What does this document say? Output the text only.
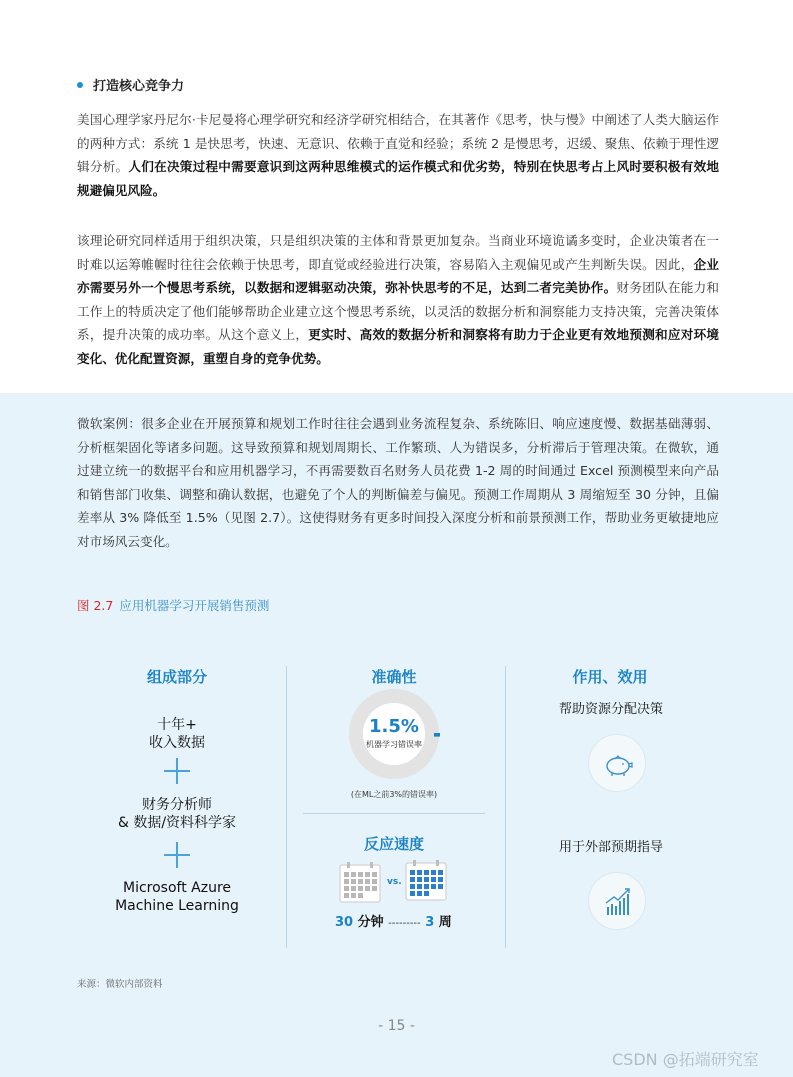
打造核心竞争力

美国心理学家丹尼尔·卡尼曼将心理学研究和经济学研究相结合，在其著作《思考，快与慢》中阐述了人类大脑运作的两种方式：系统 1 是快思考，快速、无意识、依赖于直觉和经验；系统 2 是慢思考，迟缓、聚焦、依赖于理性逻辑分析。人们在决策过程中需要意识到这两种思维模式的运作模式和优劣势，特别在快思考占上风时要积极有效地规避偏见风险。

该理论研究同样适用于组织决策，只是组织决策的主体和背景更加复杂。当商业环境诡谲多变时，企业决策者在一时难以运筹帷幄时往往会依赖于快思考，即直觉或经验进行决策，容易陷入主观偏见或产生判断失误。因此，企业亦需要另外一个慢思考系统，以数据和逻辑驱动决策，弥补快思考的不足，达到二者完美协作。财务团队在能力和工作上的特质决定了他们能够帮助企业建立这个慢思考系统，以灵活的数据分析和洞察能力支持决策，完善决策体系，提升决策的成功率。从这个意义上，更实时、高效的数据分析和洞察将有助力于企业更有效地预测和应对环境变化、优化配置资源，重塑自身的竞争优势。

微软案例：很多企业在开展预算和规划工作时往往会遇到业务流程复杂、系统陈旧、响应速度慢、数据基础薄弱、分析框架固化等诸多问题。这导致预算和规划周期长、工作繁琐、人为错误多，分析滞后于管理决策。在微软，通过建立统一的数据平台和应用机器学习，不再需要数百名财务人员花费 1-2 周的时间通过 Excel 预测模型来向产品和销售部门收集、调整和确认数据，也避免了个人的判断偏差与偏见。预测工作周期从 3 周缩短至 30 分钟，且偏差率从 3% 降低至 1.5%（见图 2.7）。这使得财务有更多时间投入深度分析和前景预测工作，帮助业务更敏捷地应对市场风云变化。

图 2.7 应用机器学习开展销售预测
组成部分
十年+
收入数据
财务分析师
& 数据/资料科学家
Microsoft Azure
Machine Learning
准确性
1.5%
机器学习错误率
(在ML之前3%的错误率)
反应速度
vs.
30 分钟 --------- 3 周
作用、效用
帮助资源分配决策
用于外部预期指导
来源：微软内部资料
- 15 -
CSDN @拓端研究室
